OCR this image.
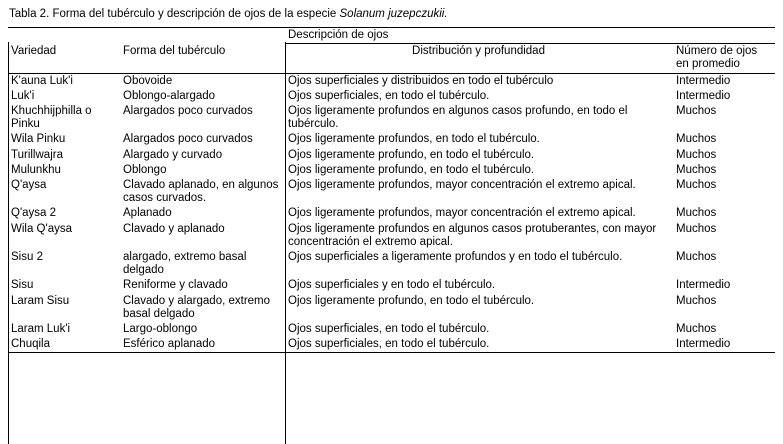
Tabla 2. Forma del tubérculo y descripción de ojos de la especie Solanum juzepczukii.

		Descripción de ojos	
Variedad	Forma del tubérculo	Distribución y profundidad	Número de ojos
en promedio
K'auna Luk'i	Obovoide	Ojos superficiales y distribuidos en todo el tubérculo	Intermedio
Luk'i	Oblongo-alargado	Ojos superficiales, en todo el tubérculo.	Intermedio
Khuchhijphilla o Pinku	Alargados poco curvados	Ojos ligeramente profundos en algunos casos profundo, en todo el tubérculo.	Muchos
Wila Pinku	Alargados poco curvados	Ojos ligeramente profundos, en todo el tubérculo.	Muchos
Turillwajra	Alargado y curvado	Ojos ligeramente profundo, en todo el tubérculo.	Muchos
Mulunkhu	Oblongo	Ojos ligeramente profundo, en todo el tubérculo.	Muchos
Q'aysa	Clavado aplanado, en algunos casos curvados.	Ojos ligeramente profundos, mayor concentración el extremo apical.	Muchos
Q'aysa 2	Aplanado	Ojos ligeramente profundos, mayor concentración el extremo apical.	Muchos
Wila Q'aysa	Clavado y aplanado	Ojos ligeramente profundos en algunos casos protuberantes, con mayor concentración el extremo apical.	Muchos
Sisu 2	alargado, extremo basal delgado	Ojos superficiales a ligeramente profundos y en todo el tubérculo.	Muchos
Sisu	Reniforme y clavado	Ojos superficiales y en todo el tubérculo.	Intermedio
Laram Sisu	Clavado y alargado, extremo basal delgado	Ojos ligeramente profundo, en todo el tubérculo.	Muchos
Laram Luk'i	Largo-oblongo	Ojos superficiales, en todo el tubérculo.	Muchos
Chuqila	Esférico aplanado	Ojos superficiales, en todo el tubérculo.	Intermedio
